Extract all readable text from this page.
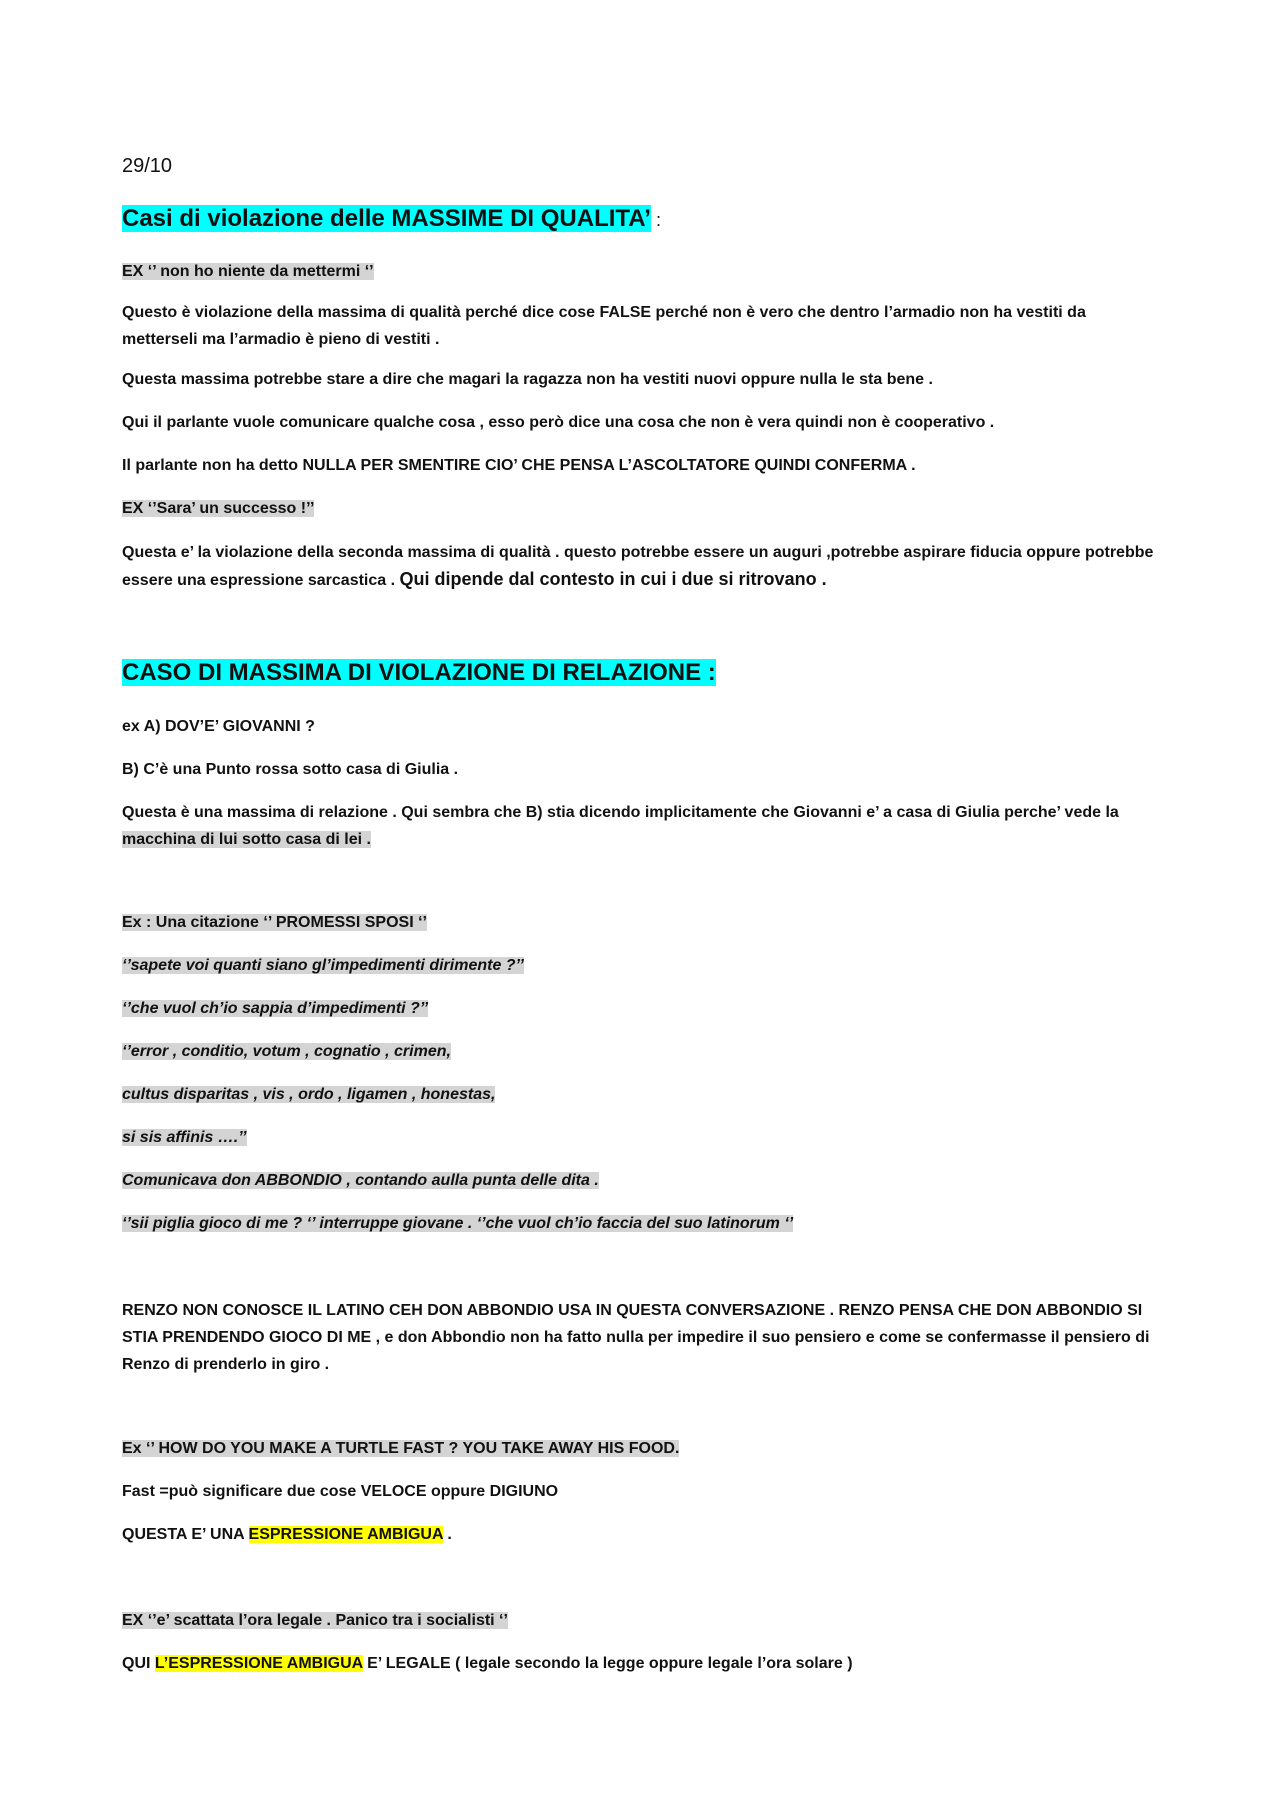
29/10

Casi di violazione delle MASSIME DI QUALITA’ :

EX ‘’ non ho niente da mettermi ‘’

Questo è violazione della massima di qualità perché dice cose FALSE perché non è vero che dentro l’armadio non ha vestiti da metterseli ma l’armadio è pieno di vestiti .

Questa massima potrebbe stare a dire che magari la ragazza non ha vestiti nuovi oppure nulla le sta bene .

Qui il parlante vuole comunicare qualche cosa , esso però dice una cosa che non è vera quindi non è cooperativo .

Il parlante non ha detto NULLA PER SMENTIRE CIO’ CHE PENSA L’ASCOLTATORE QUINDI CONFERMA .

EX ‘’Sara’ un successo !’’

Questa e’ la violazione della seconda massima di qualità . questo potrebbe essere un auguri ,potrebbe aspirare fiducia oppure potrebbe essere una espressione sarcastica . Qui dipende dal contesto in cui i due si ritrovano .

CASO DI MASSIMA DI VIOLAZIONE DI RELAZIONE :

ex A) DOV’E’ GIOVANNI ?

B) C’è una Punto rossa sotto casa di Giulia .

Questa è una massima di relazione . Qui sembra che B) stia dicendo implicitamente che Giovanni e’ a casa di Giulia perche’ vede la macchina di lui sotto casa di lei .

Ex : Una citazione ‘’ PROMESSI SPOSI ‘’

‘’sapete voi quanti siano gl’impedimenti dirimente ?’’

‘’che vuol ch’io sappia d’impedimenti ?’’

‘’error , conditio, votum , cognatio , crimen,

cultus disparitas , vis , ordo , ligamen , honestas,

si sis affinis ….’’

Comunicava don ABBONDIO , contando aulla punta delle dita .

‘’sii piglia gioco di me ? ‘’ interruppe giovane . ‘’che vuol ch’io faccia del suo latinorum ‘’

RENZO NON CONOSCE IL LATINO CEH DON ABBONDIO USA IN QUESTA CONVERSAZIONE . RENZO PENSA CHE DON ABBONDIO SI STIA PRENDENDO GIOCO DI ME , e don Abbondio non ha fatto nulla per impedire il suo pensiero e come se confermasse il pensiero di Renzo di prenderlo in giro .

Ex ‘’ HOW DO YOU MAKE A TURTLE FAST ? YOU TAKE AWAY HIS FOOD.

Fast =può significare due cose VELOCE oppure DIGIUNO

QUESTA E’ UNA ESPRESSIONE AMBIGUA .

EX ‘’e’ scattata l’ora legale . Panico tra i socialisti ‘’

QUI L’ESPRESSIONE AMBIGUA E’ LEGALE ( legale secondo la legge oppure legale l’ora solare )
